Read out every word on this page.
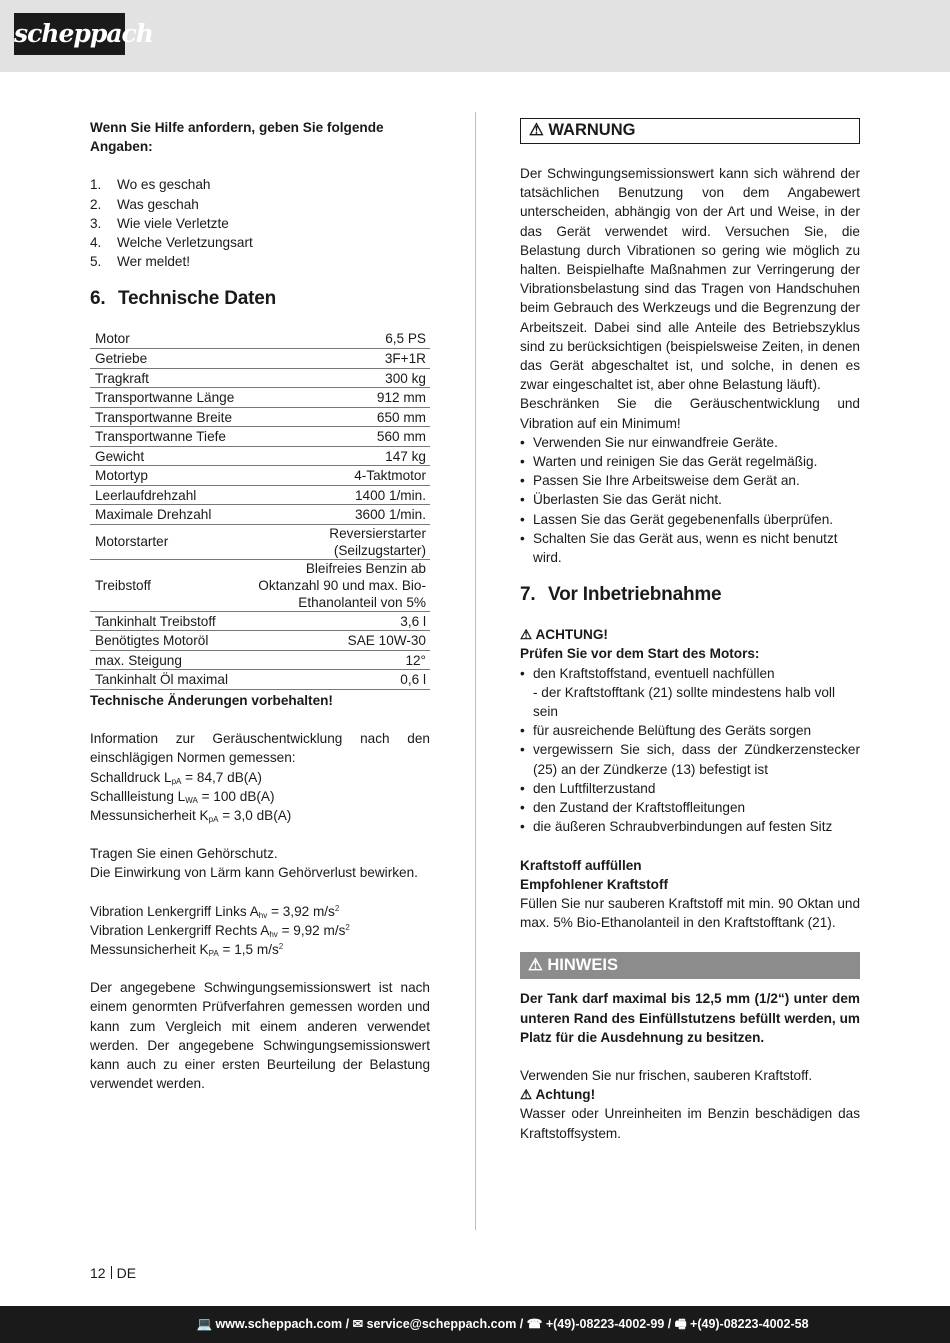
scheppach

Wenn Sie Hilfe anfordern, geben Sie folgende Angaben:

1.	Wo es geschah
2.	Was geschah
3.	Wie viele Verletzte
4.	Welche Verletzungsart
5.	Wer meldet!
6. Technische Daten
Motor	6,5 PS
Getriebe	3F+1R
Tragkraft	300 kg
Transportwanne Länge	912 mm
Transportwanne Breite	650 mm
Transportwanne Tiefe	560 mm
Gewicht	147 kg
Motortyp	4-Taktmotor
Leerlaufdrehzahl	1400 1/min.
Maximale Drehzahl	3600 1/min.
Motorstarter	Reversierstarter (Seilzugstarter)
Treibstoff	Bleifreies Benzin ab Oktanzahl 90 und max. Bio-Ethanolanteil von 5%
Tankinhalt Treibstoff	3,6 l
Benötigtes Motoröl	SAE 10W-30
max. Steigung	12°
Tankinhalt Öl maximal	0,6 l

Technische Änderungen vorbehalten!

Information zur Geräuschentwicklung nach den einschlägigen Normen gemessen:

Schalldruck $L_{pA} = 84,7$ dB(A)

Schallleistung $L_{WA} = 100$ dB(A)

Messunsicherheit $K_{pA} = 3,0$ dB(A)

Tragen Sie einen Gehörschutz.

Die Einwirkung von Lärm kann Gehörverlust bewirken.

Vibration Lenkergriff Links $A_{hv} = 3,92$ $m/s^2$

Vibration Lenkergriff Rechts $A_{hv} = 9,92$ $m/s^2$

Messunsicherheit $K_{PA} = 1,5$ $m/s^2$

Der angegebene Schwingungsemissionswert ist nach einem genormten Prüfverfahren gemessen worden und kann zum Vergleich mit einem anderen verwendet werden. Der angegebene Schwingungsemissionswert kann auch zu einer ersten Beurteilung der Belastung verwendet werden.

⚠ WARNUNG

Der Schwingungsemissionswert kann sich während der tatsächlichen Benutzung von dem Angabewert unterscheiden, abhängig von der Art und Weise, in der das Gerät verwendet wird. Versuchen Sie, die Belastung durch Vibrationen so gering wie möglich zu halten. Beispielhafte Maßnahmen zur Verringerung der Vibrationsbelastung sind das Tragen von Handschuhen beim Gebrauch des Werkzeugs und die Begrenzung der Arbeitszeit. Dabei sind alle Anteile des Betriebszyklus sind zu berücksichtigen (beispielsweise Zeiten, in denen das Gerät abgeschaltet ist, und solche, in denen es zwar eingeschaltet ist, aber ohne Belastung läuft).

Beschränken Sie die Geräuschentwicklung und Vibration auf ein Minimum!

• Verwenden Sie nur einwandfreie Geräte.
• Warten und reinigen Sie das Gerät regelmäßig.
• Passen Sie Ihre Arbeitsweise dem Gerät an.
• Überlasten Sie das Gerät nicht.
• Lassen Sie das Gerät gegebenenfalls überprüfen.
• Schalten Sie das Gerät aus, wenn es nicht benutzt wird.
7. Vor Inbetriebnahme

⚠ ACHTUNG!

Prüfen Sie vor dem Start des Motors:

• den Kraftstoffstand, eventuell nachfüllen
- der Kraftstofftank (21) sollte mindestens halb voll sein
• für ausreichende Belüftung des Geräts sorgen
• vergewissern Sie sich, dass der Zündkerzenstecker (25) an der Zündkerze (13) befestigt ist
• den Luftfilterzustand
• den Zustand der Kraftstoffleitungen
• die äußeren Schraubverbindungen auf festen Sitz

Kraftstoff auffüllen

Empfohlener Kraftstoff

Füllen Sie nur sauberen Kraftstoff mit min. 90 Oktan und max. 5% Bio-Ethanolanteil in den Kraftstofftank (21).

⚠ HINWEIS

Der Tank darf maximal bis 12,5 mm (1/2“) unter dem unteren Rand des Einfüllstutzens befüllt werden, um Platz für die Ausdehnung zu besitzen.

Verwenden Sie nur frischen, sauberen Kraftstoff.

⚠ Achtung!

Wasser oder Unreinheiten im Benzin beschädigen das Kraftstoffsystem.

12 DE
💻 www.scheppach.com / ✉ service@scheppach.com / ☎ +(49)-08223-4002-99 / 🖷 +(49)-08223-4002-58
